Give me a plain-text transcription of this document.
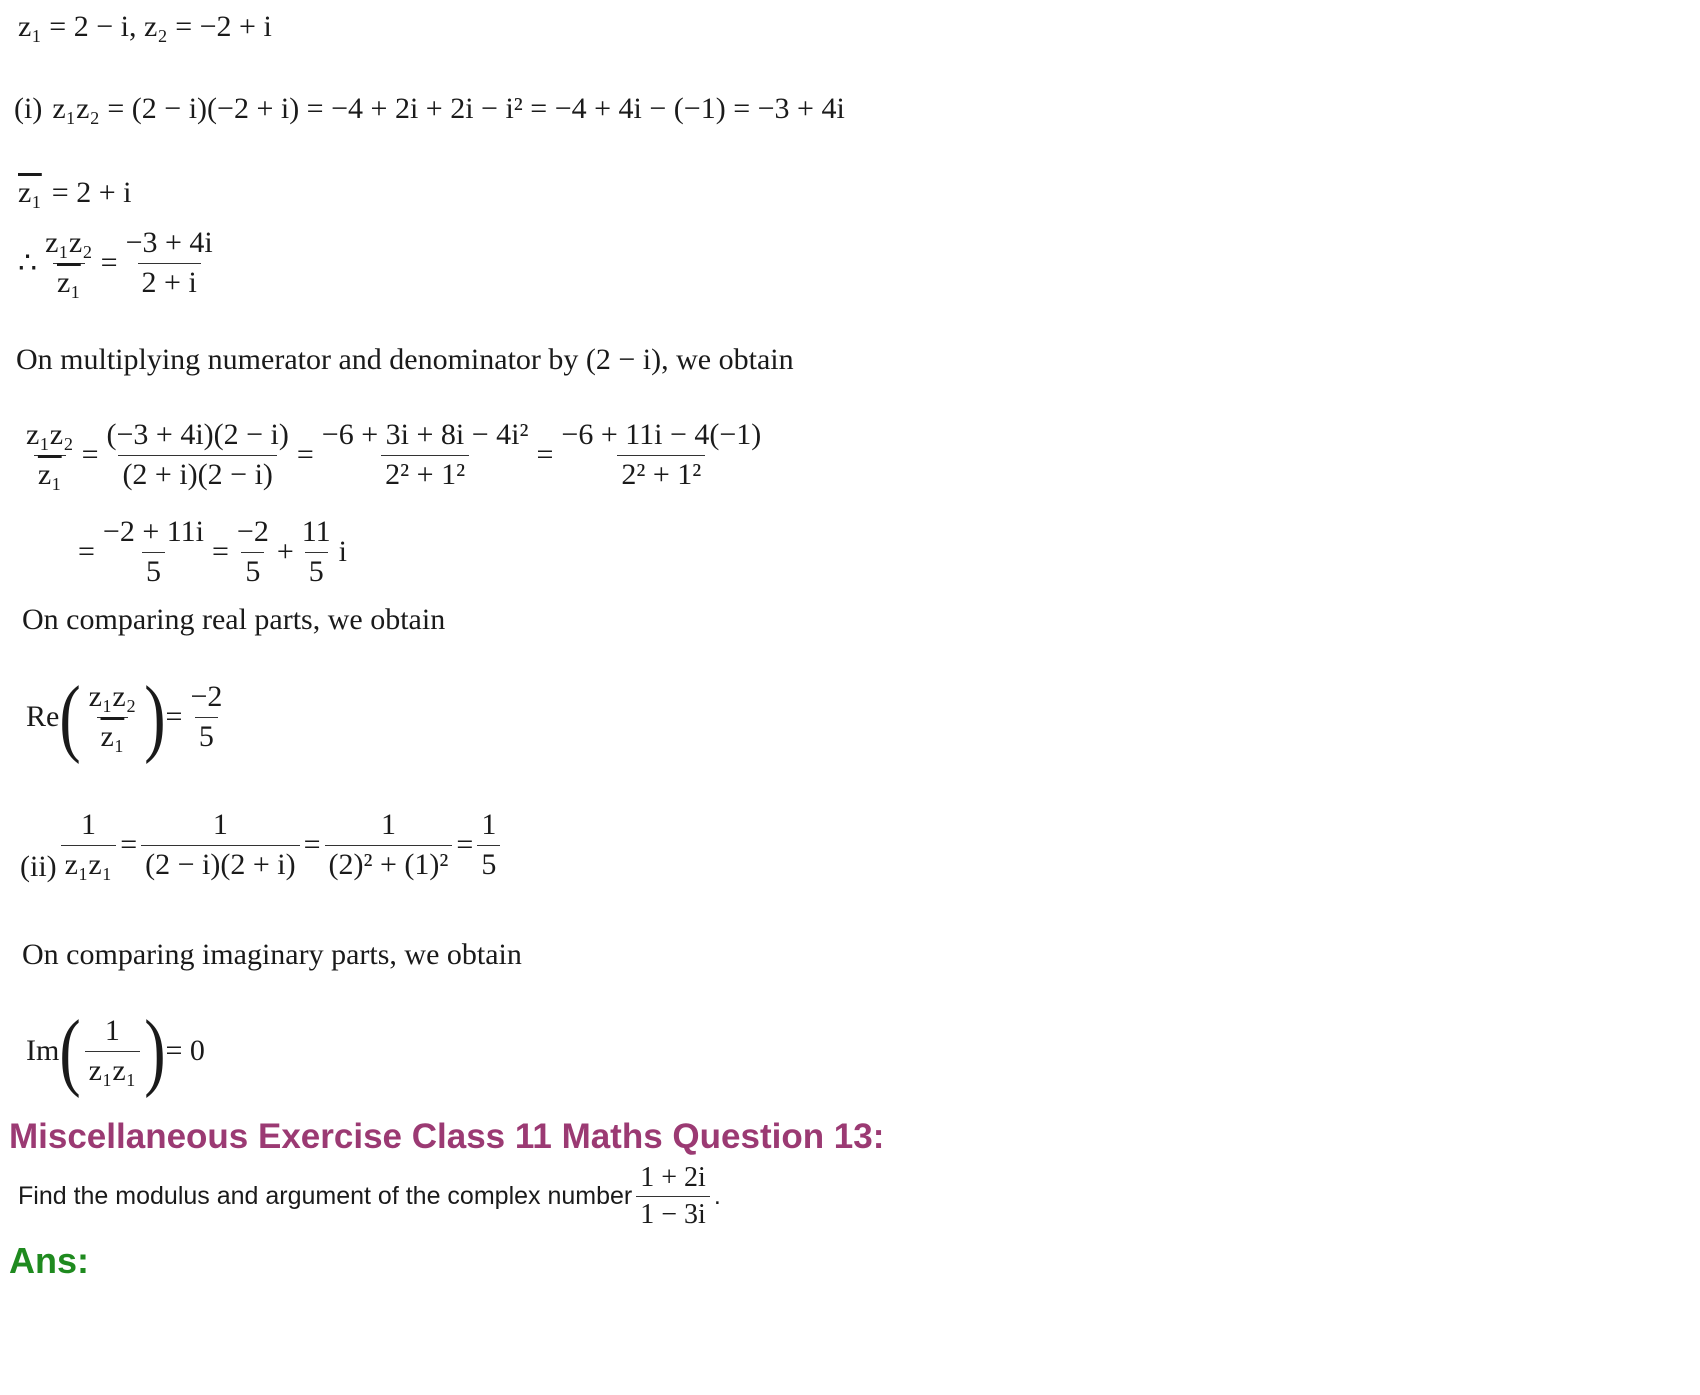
z₁ = 2 − i, z₂ = −2 + i
(i) z₁z₂ = (2 − i)(−2 + i) = −4 + 2i + 2i − i² = −4 + 4i − (−1) = −3 + 4i
z₁ = 2 + i
∴ $\frac{\text{z₁z₂}}{\text{z₁}} = \frac{-3 + 4i}{2 + i}$
On multiplying numerator and denominator by (2 − i), we obtain
$\frac{\text{z₁z₂}}{\text{z₁}} = \frac{(-3 + 4i)(2 - i)}{(2 + i)(2 - i)} = \frac{\text{−6 + 3i + 8i − 4i²}}{\text{2² + 1²}} = \frac{-6 + 11i - 4(-1)}{\text{2² + 1²}}$
= $\frac{-2 + 11i}{5} = \frac{-2}{5} + \frac{11}{5}$ i
On comparing real parts, we obtain
Re ( $\frac{\text{z₁z₂}}{\text{z₁}}$ ) = $\frac{-2}{5}$
$(ii) \frac{1}{\text{z₁z₁}} = \frac{1}{(2 - i)(2 + i)} = \frac{1}{\text{(2)² + (1)²}} = \frac{1}{5}$
On comparing imaginary parts, we obtain
Im ( $\frac{1}{\text{z₁z₁}}$ ) = 0
Miscellaneous Exercise Class 11 Maths Question 13:
Find the modulus and argument of the complex number $\frac{1 + 2i}{1 - 3i}$ .
Ans:
